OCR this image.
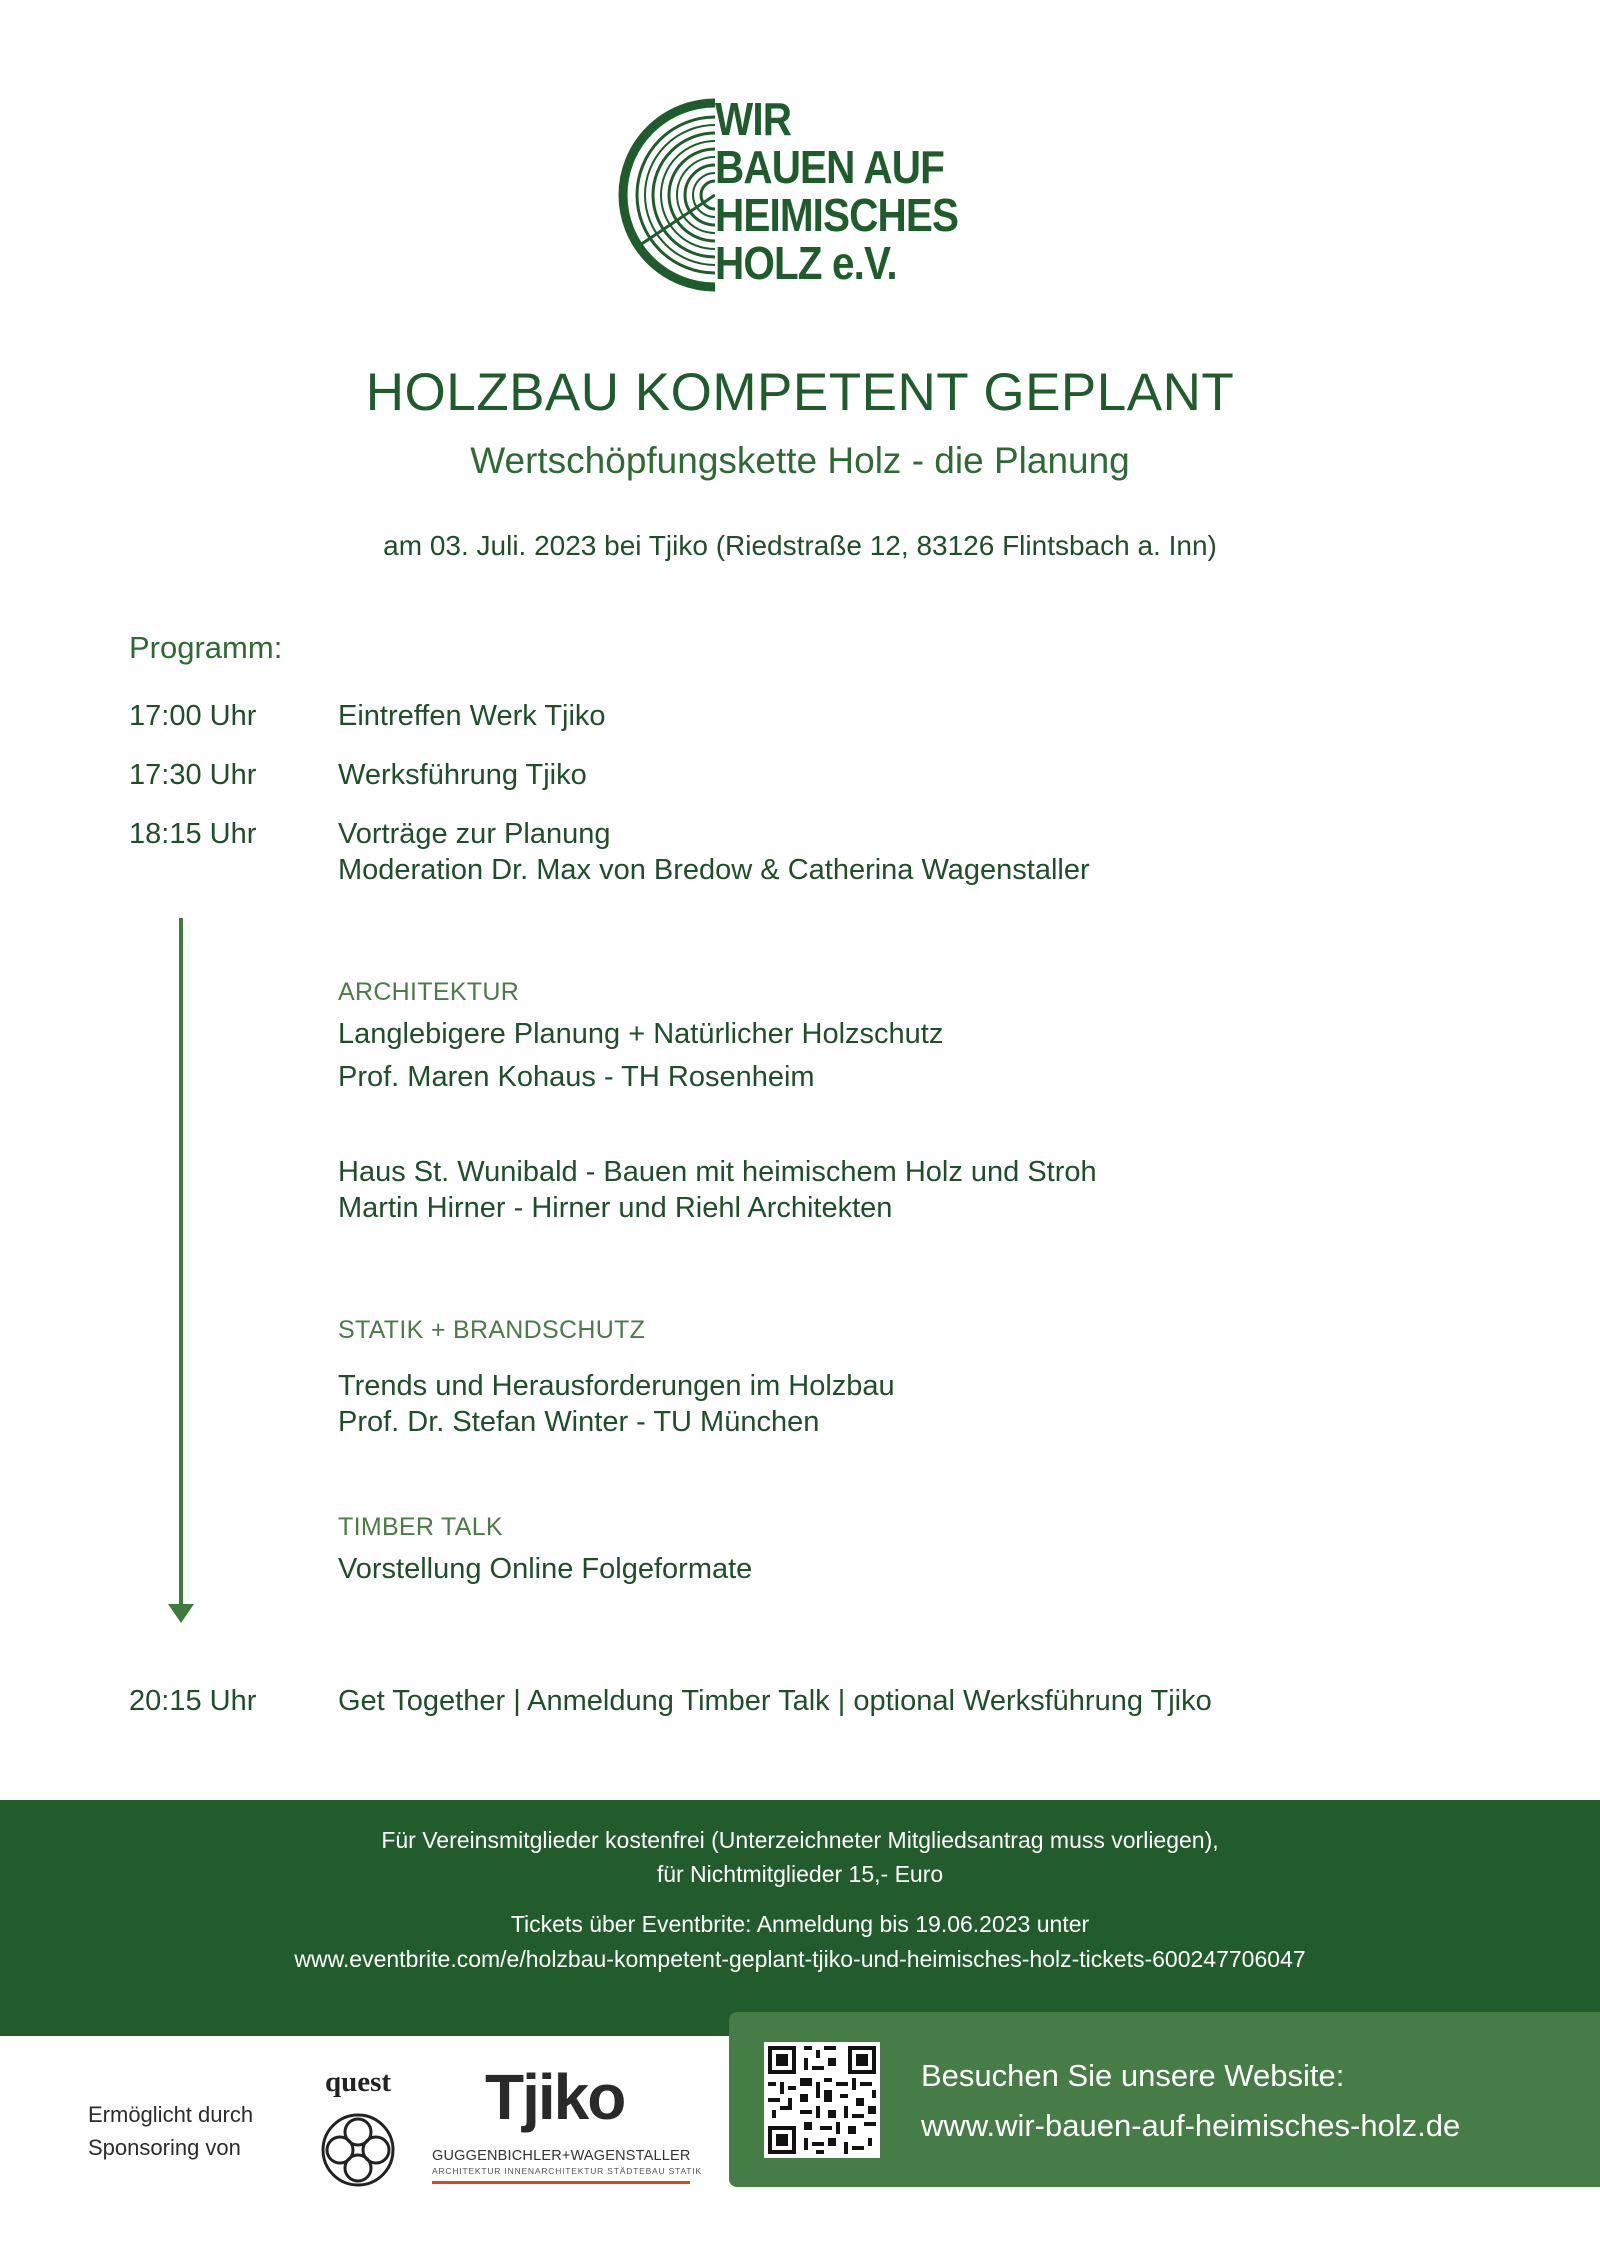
WIR
BAUEN AUF
HEIMISCHES
HOLZ e.V.
HOLZBAU KOMPETENT GEPLANT
Wertschöpfungskette Holz - die Planung
am 03. Juli. 2023 bei Tjiko (Riedstraße 12, 83126 Flintsbach a. Inn)
Programm:
17:00 Uhr	Eintreffen Werk Tjiko
17:30 Uhr	Werksführung Tjiko
18:15 Uhr	Vorträge zur Planung
Moderation Dr. Max von Bredow & Catherina Wagenstaller
ARCHITEKTUR
Langlebigere Planung + Natürlicher Holzschutz
Prof. Maren Kohaus - TH Rosenheim
Haus St. Wunibald - Bauen mit heimischem Holz und Stroh
Martin Hirner - Hirner und Riehl Architekten
STATIK + BRANDSCHUTZ
Trends und Herausforderungen im Holzbau
Prof. Dr. Stefan Winter - TU München
TIMBER TALK
Vorstellung Online Folgeformate
20:15 Uhr	Get Together | Anmeldung Timber Talk | optional Werksführung Tjiko
Für Vereinsmitglieder kostenfrei (Unterzeichneter Mitgliedsantrag muss vorliegen),
für Nichtmitglieder 15,- Euro
Tickets über Eventbrite: Anmeldung bis 19.06.2023 unter
www.eventbrite.com/e/holzbau-kompetent-geplant-tjiko-und-heimisches-holz-tickets-600247706047
Ermöglicht durch
Sponsoring von
quest Tjiko
GUGGENBICHLER+WAGENSTALLER
ARCHITEKTUR INNENARCHITEKTUR STÄDTEBAU STATIK
Besuchen Sie unsere Website:
www.wir-bauen-auf-heimisches-holz.de
